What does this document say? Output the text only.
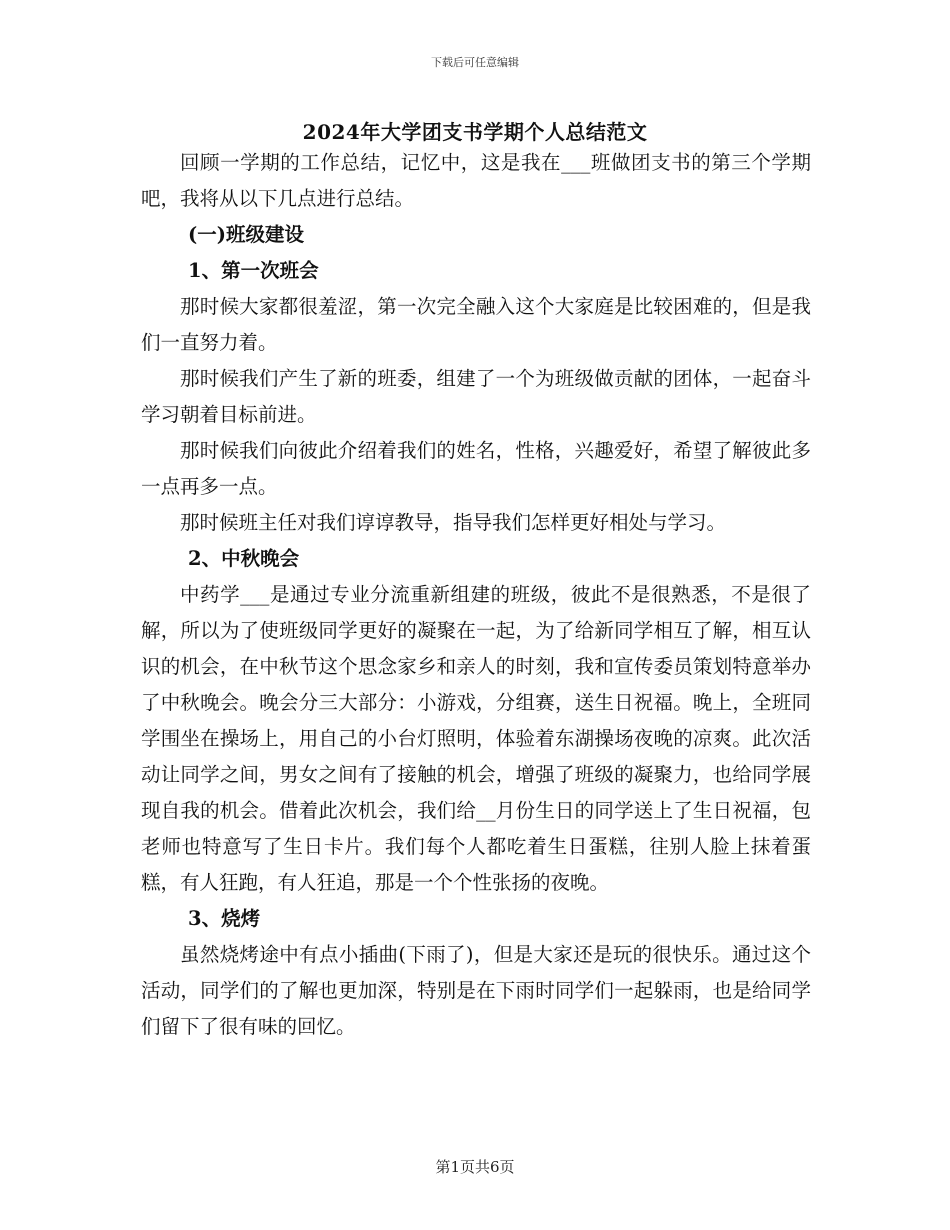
下载后可任意编辑
2024年大学团支书学期个人总结范文

回顾一学期的工作总结，记忆中，这是我在___班做团支书的第三个学期吧，我将从以下几点进行总结。

(一)班级建设
1、第一次班会

那时候大家都很羞涩，第一次完全融入这个大家庭是比较困难的，但是我们一直努力着。

那时候我们产生了新的班委，组建了一个为班级做贡献的团体，一起奋斗学习朝着目标前进。

那时候我们向彼此介绍着我们的姓名，性格，兴趣爱好，希望了解彼此多一点再多一点。

那时候班主任对我们谆谆教导，指导我们怎样更好相处与学习。

2、中秋晚会

中药学___是通过专业分流重新组建的班级，彼此不是很熟悉，不是很了解，所以为了使班级同学更好的凝聚在一起，为了给新同学相互了解，相互认识的机会，在中秋节这个思念家乡和亲人的时刻，我和宣传委员策划特意举办了中秋晚会。晚会分三大部分：小游戏，分组赛，送生日祝福。晚上，全班同学围坐在操场上，用自己的小台灯照明，体验着东湖操场夜晚的凉爽。此次活动让同学之间，男女之间有了接触的机会，增强了班级的凝聚力，也给同学展现自我的机会。借着此次机会，我们给__月份生日的同学送上了生日祝福，包老师也特意写了生日卡片。我们每个人都吃着生日蛋糕，往别人脸上抹着蛋糕，有人狂跑，有人狂追，那是一个个性张扬的夜晚。

3、烧烤

虽然烧烤途中有点小插曲(下雨了)，但是大家还是玩的很快乐。通过这个活动，同学们的了解也更加深，特别是在下雨时同学们一起躲雨，也是给同学们留下了很有味的回忆。

第1页共6页
